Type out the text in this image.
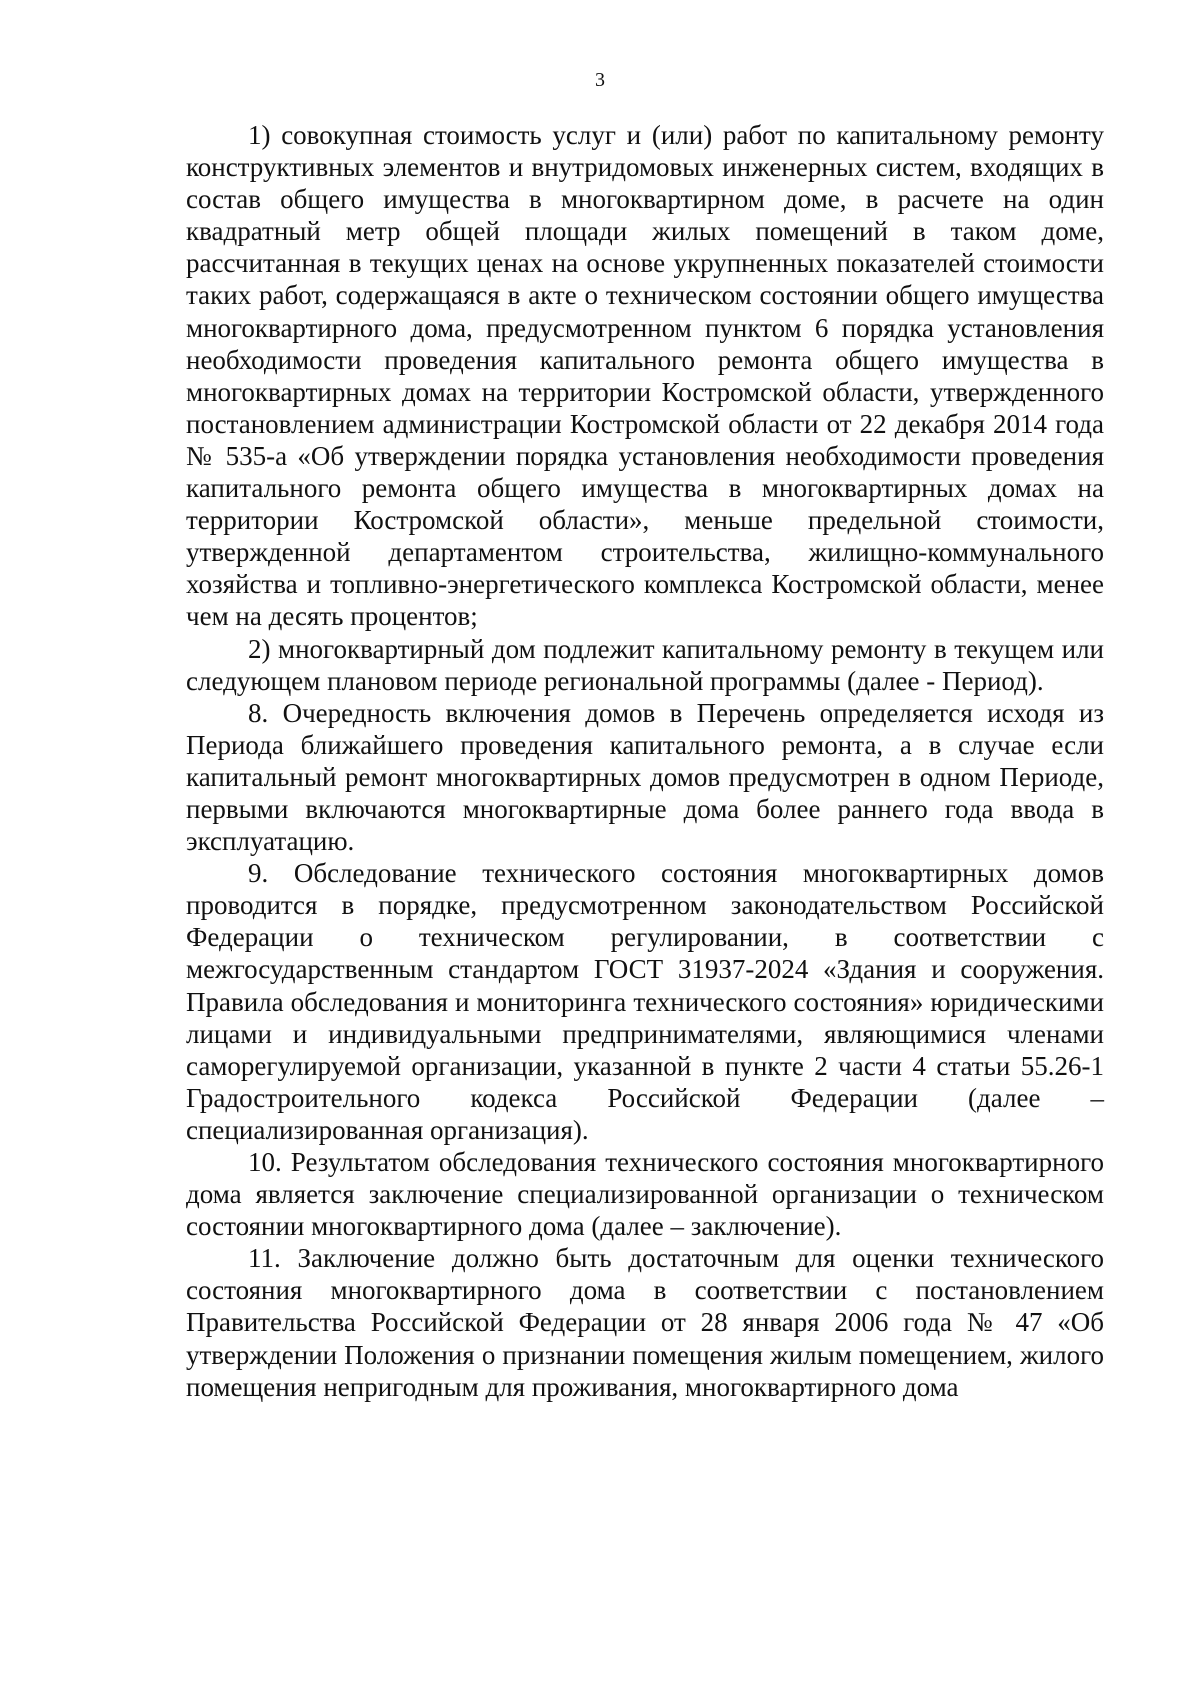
3

1) совокупная стоимость услуг и (или) работ по капитальному ремонту конструктивных элементов и внутридомовых инженерных систем, входящих в состав общего имущества в многоквартирном доме, в расчете на один квадратный метр общей площади жилых помещений в таком доме, рассчитанная в текущих ценах на основе укрупненных показателей стоимости таких работ, содержащаяся в акте о техническом состоянии общего имущества многоквартирного дома, предусмотренном пунктом 6 порядка установления необходимости проведения капитального ремонта общего имущества в многоквартирных домах на территории Костромской области, утвержденного постановлением администрации Костромской области от 22 декабря 2014 года № 535-а «Об утверждении порядка установления необходимости проведения капитального ремонта общего имущества в многоквартирных домах на территории Костромской области», меньше предельной стоимости, утвержденной департаментом строительства, жилищно-коммунального хозяйства и топливно-энергетического комплекса Костромской области, менее чем на десять процентов;

2) многоквартирный дом подлежит капитальному ремонту в текущем или следующем плановом периоде региональной программы (далее - Период).

8. Очередность включения домов в Перечень определяется исходя из Периода ближайшего проведения капитального ремонта, а в случае если капитальный ремонт многоквартирных домов предусмотрен в одном Периоде, первыми включаются многоквартирные дома более раннего года ввода в эксплуатацию.

9. Обследование технического состояния многоквартирных домов проводится в порядке, предусмотренном законодательством Российской Федерации о техническом регулировании, в соответствии с межгосударственным стандартом ГОСТ 31937-2024 «Здания и сооружения. Правила обследования и мониторинга технического состояния» юридическими лицами и индивидуальными предпринимателями, являющимися членами саморегулируемой организации, указанной в пункте 2 части 4 статьи 55.26-1 Градостроительного кодекса Российской Федерации (далее – специализированная организация).

10. Результатом обследования технического состояния многоквартирного дома является заключение специализированной организации о техническом состоянии многоквартирного дома (далее – заключение).

11. Заключение должно быть достаточным для оценки технического состояния многоквартирного дома в соответствии с постановлением Правительства Российской Федерации от 28 января 2006 года № 47 «Об утверждении Положения о признании помещения жилым помещением, жилого помещения непригодным для проживания, многоквартирного дома
